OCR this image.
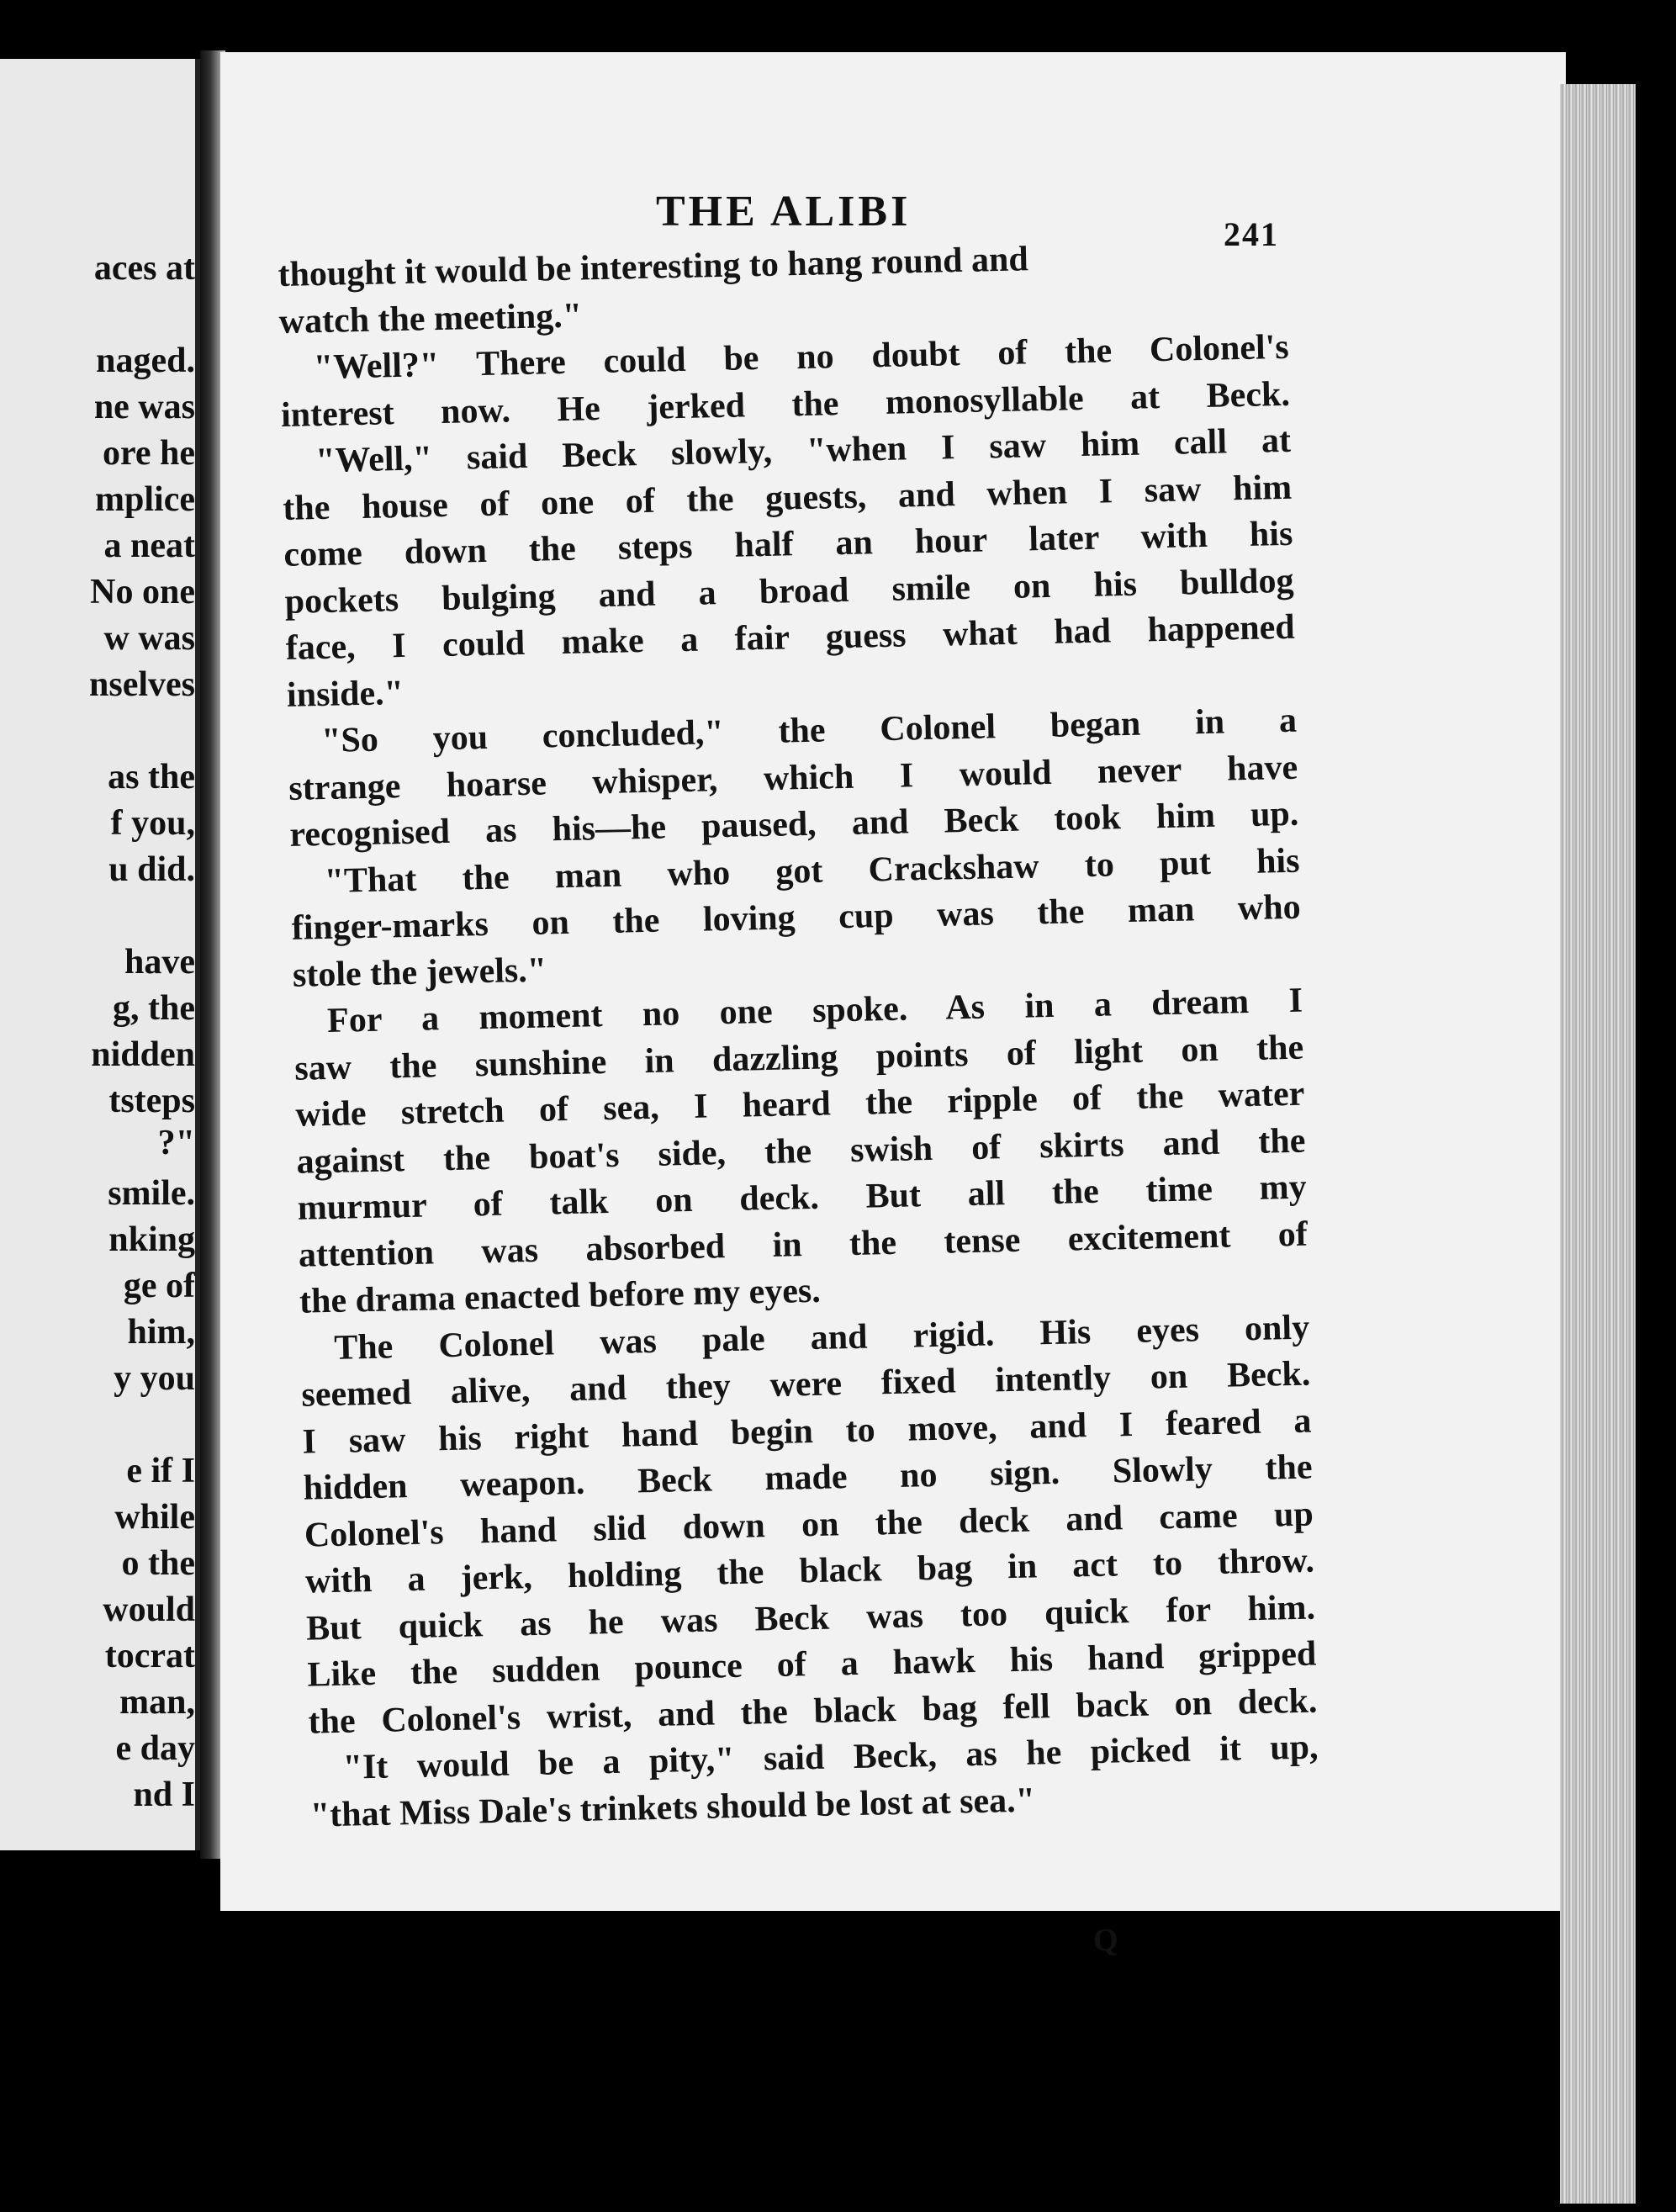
aces at
naged.
ne was
ore he
mplice
a neat
No one
w was
nselves
as the
f you,
u did.
have
g, the
nidden
tsteps
?"
smile.
nking
ge of
him,
y you
e if I
while
o the
would
tocrat
man,
e day
nd I
THE ALIBI	241
thought it would be interesting to hang round and
watch the meeting."
"Well?" There could be no doubt of the Colonel's
interest now. He jerked the monosyllable at Beck.
"Well," said Beck slowly, "when I saw him call at
the house of one of the guests, and when I saw him
come down the steps half an hour later with his
pockets bulging and a broad smile on his bulldog
face, I could make a fair guess what had happened
inside."
"So you concluded," the Colonel began in a
strange hoarse whisper, which I would never have
recognised as his—he paused, and Beck took him up.
"That the man who got Crackshaw to put his
finger-marks on the loving cup was the man who
stole the jewels."
For a moment no one spoke. As in a dream I
saw the sunshine in dazzling points of light on the
wide stretch of sea, I heard the ripple of the water
against the boat's side, the swish of skirts and the
murmur of talk on deck. But all the time my
attention was absorbed in the tense excitement of
the drama enacted before my eyes.
The Colonel was pale and rigid. His eyes only
seemed alive, and they were fixed intently on Beck.
I saw his right hand begin to move, and I feared a
hidden weapon. Beck made no sign. Slowly the
Colonel's hand slid down on the deck and came up
with a jerk, holding the black bag in act to throw.
But quick as he was Beck was too quick for him.
Like the sudden pounce of a hawk his hand gripped
the Colonel's wrist, and the black bag fell back on deck.
"It would be a pity," said Beck, as he picked it up,
"that Miss Dale's trinkets should be lost at sea."
Q
